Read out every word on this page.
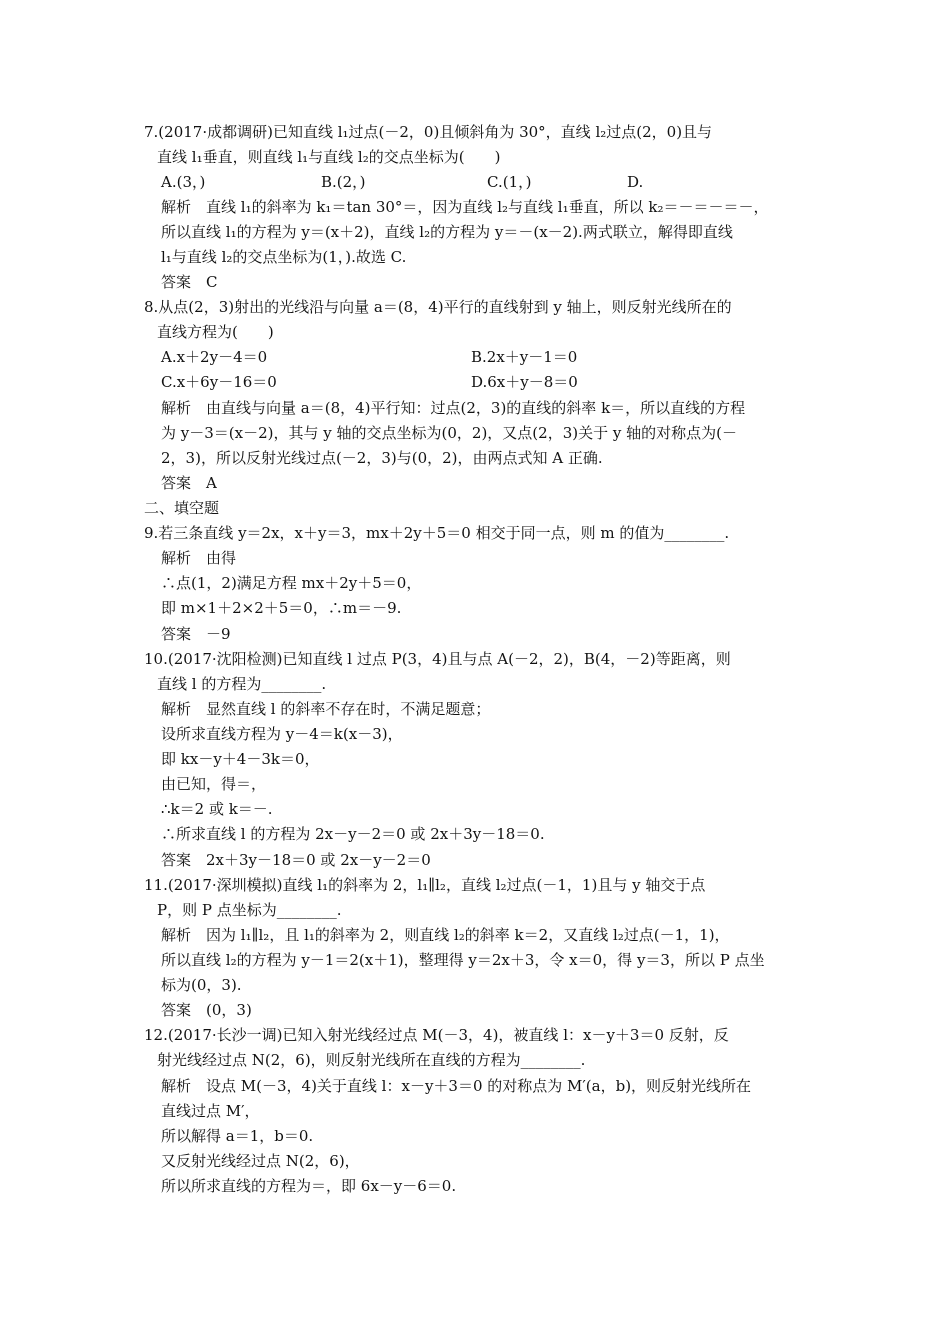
7.(2017·成都调研)已知直线 l₁过点(－2，0)且倾斜角为 30°，直线 l₂过点(2，0)且与
直线 l₁垂直，则直线 l₁与直线 l₂的交点坐标为(　　)
A.(3，)	B.(2，)	C.(1，)	D.
解析　直线 l₁的斜率为 k₁＝tan 30°＝，因为直线 l₂与直线 l₁垂直，所以 k₂＝－＝－＝－，
所以直线 l₁的方程为 y＝(x＋2)，直线 l₂的方程为 y＝－(x－2).两式联立，解得即直线
l₁与直线 l₂的交点坐标为(1，).故选 C.
答案　C
8.从点(2，3)射出的光线沿与向量 a＝(8，4)平行的直线射到 y 轴上，则反射光线所在的
直线方程为(　　)
A.x＋2y－4＝0	B.2x＋y－1＝0
C.x＋6y－16＝0	D.6x＋y－8＝0
解析　由直线与向量 a＝(8，4)平行知：过点(2，3)的直线的斜率 k＝，所以直线的方程
为 y－3＝(x－2)，其与 y 轴的交点坐标为(0，2)，又点(2，3)关于 y 轴的对称点为(－
2，3)，所以反射光线过点(－2，3)与(0，2)，由两点式知 A 正确.
答案　A
二、填空题
9.若三条直线 y＝2x，x＋y＝3，mx＋2y＋5＝0 相交于同一点，则 m 的值为________.
解析　由得
∴点(1，2)满足方程 mx＋2y＋5＝0，
即 m×1＋2×2＋5＝0，∴m＝－9.
答案　－9
10.(2017·沈阳检测)已知直线 l 过点 P(3，4)且与点 A(－2，2)，B(4，－2)等距离，则
直线 l 的方程为________.
解析　显然直线 l 的斜率不存在时，不满足题意；
设所求直线方程为 y－4＝k(x－3)，
即 kx－y＋4－3k＝0，
由已知，得＝，
∴k＝2 或 k＝－.
∴所求直线 l 的方程为 2x－y－2＝0 或 2x＋3y－18＝0.
答案　2x＋3y－18＝0 或 2x－y－2＝0
11.(2017·深圳模拟)直线 l₁的斜率为 2，l₁∥l₂，直线 l₂过点(－1，1)且与 y 轴交于点
P，则 P 点坐标为________.
解析　因为 l₁∥l₂，且 l₁的斜率为 2，则直线 l₂的斜率 k＝2，又直线 l₂过点(－1，1)，
所以直线 l₂的方程为 y－1＝2(x＋1)，整理得 y＝2x＋3，令 x＝0，得 y＝3，所以 P 点坐
标为(0，3).
答案　(0，3)
12.(2017·长沙一调)已知入射光线经过点 M(－3，4)，被直线 l：x－y＋3＝0 反射，反
射光线经过点 N(2，6)，则反射光线所在直线的方程为________.
解析　设点 M(－3，4)关于直线 l：x－y＋3＝0 的对称点为 M′(a，b)，则反射光线所在
直线过点 M′，
所以解得 a＝1，b＝0.
又反射光线经过点 N(2，6)，
所以所求直线的方程为＝，即 6x－y－6＝0.
